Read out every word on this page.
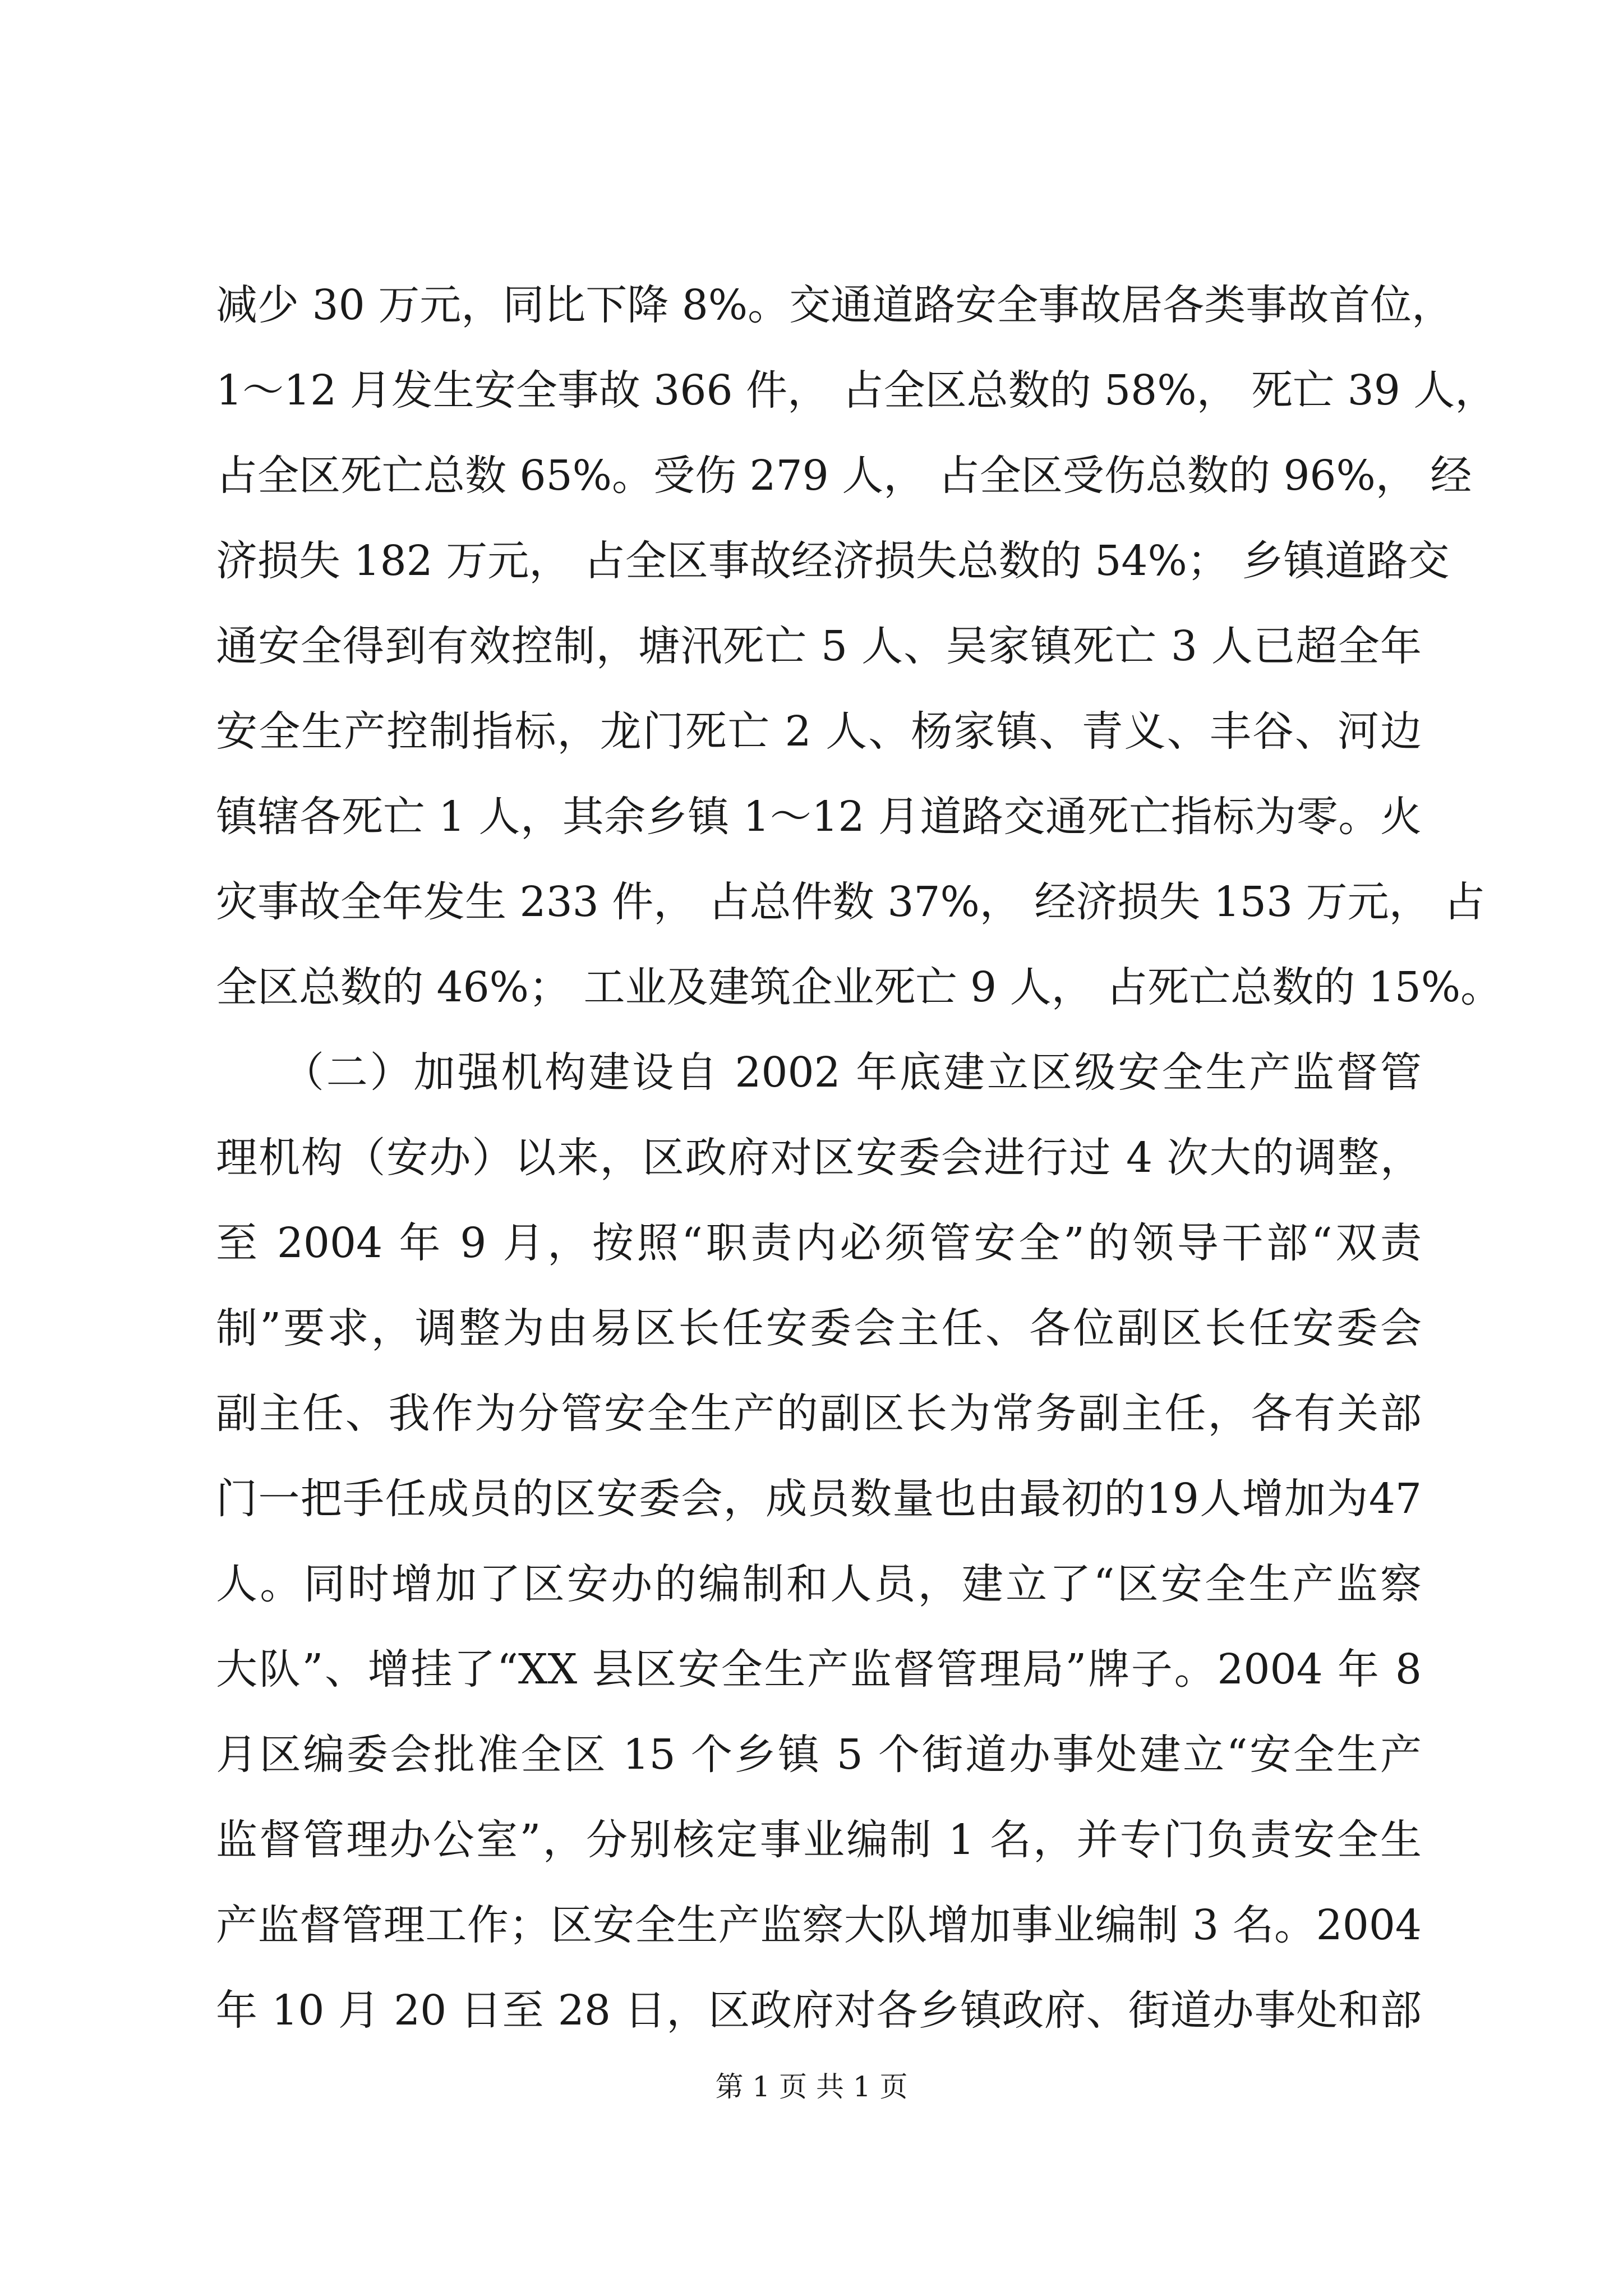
减少 30 万元，同比下降 8%。交通道路安全事故居各类事故首位，
1～12 月发生安全事故 366 件， 占全区总数的 58%， 死亡 39 人，
占全区死亡总数 65%。受伤 279 人， 占全区受伤总数的 96%， 经
济损失 182 万元， 占全区事故经济损失总数的 54%； 乡镇道路交
通安全得到有效控制，塘汛死亡 5 人、吴家镇死亡 3 人已超全年
安全生产控制指标，龙门死亡 2 人、杨家镇、青义、丰谷、河边
镇辖各死亡 1 人，其余乡镇 1～12 月道路交通死亡指标为零。火
灾事故全年发生 233 件， 占总件数 37%， 经济损失 153 万元， 占
全区总数的 46%； 工业及建筑企业死亡 9 人， 占死亡总数的 15%。
　　（二）加强机构建设自 2002 年底建立区级安全生产监督管
理机构（安办）以来，区政府对区安委会进行过 4 次大的调整，
至 2004 年 9 月，按照“职责内必须管安全”的领导干部“双责
制”要求，调整为由易区长任安委会主任、各位副区长任安委会
副主任、我作为分管安全生产的副区长为常务副主任，各有关部
门一把手任成员的区安委会，成员数量也由最初的19人增加为47
人。同时增加了区安办的编制和人员，建立了“区安全生产监察
大队”、增挂了“XX 县区安全生产监督管理局”牌子。2004 年 8
月区编委会批准全区 15 个乡镇 5 个街道办事处建立“安全生产
监督管理办公室”，分别核定事业编制 1 名，并专门负责安全生
产监督管理工作；区安全生产监察大队增加事业编制 3 名。2004
年 10 月 20 日至 28 日，区政府对各乡镇政府、街道办事处和部
第 1 页 共 1 页
